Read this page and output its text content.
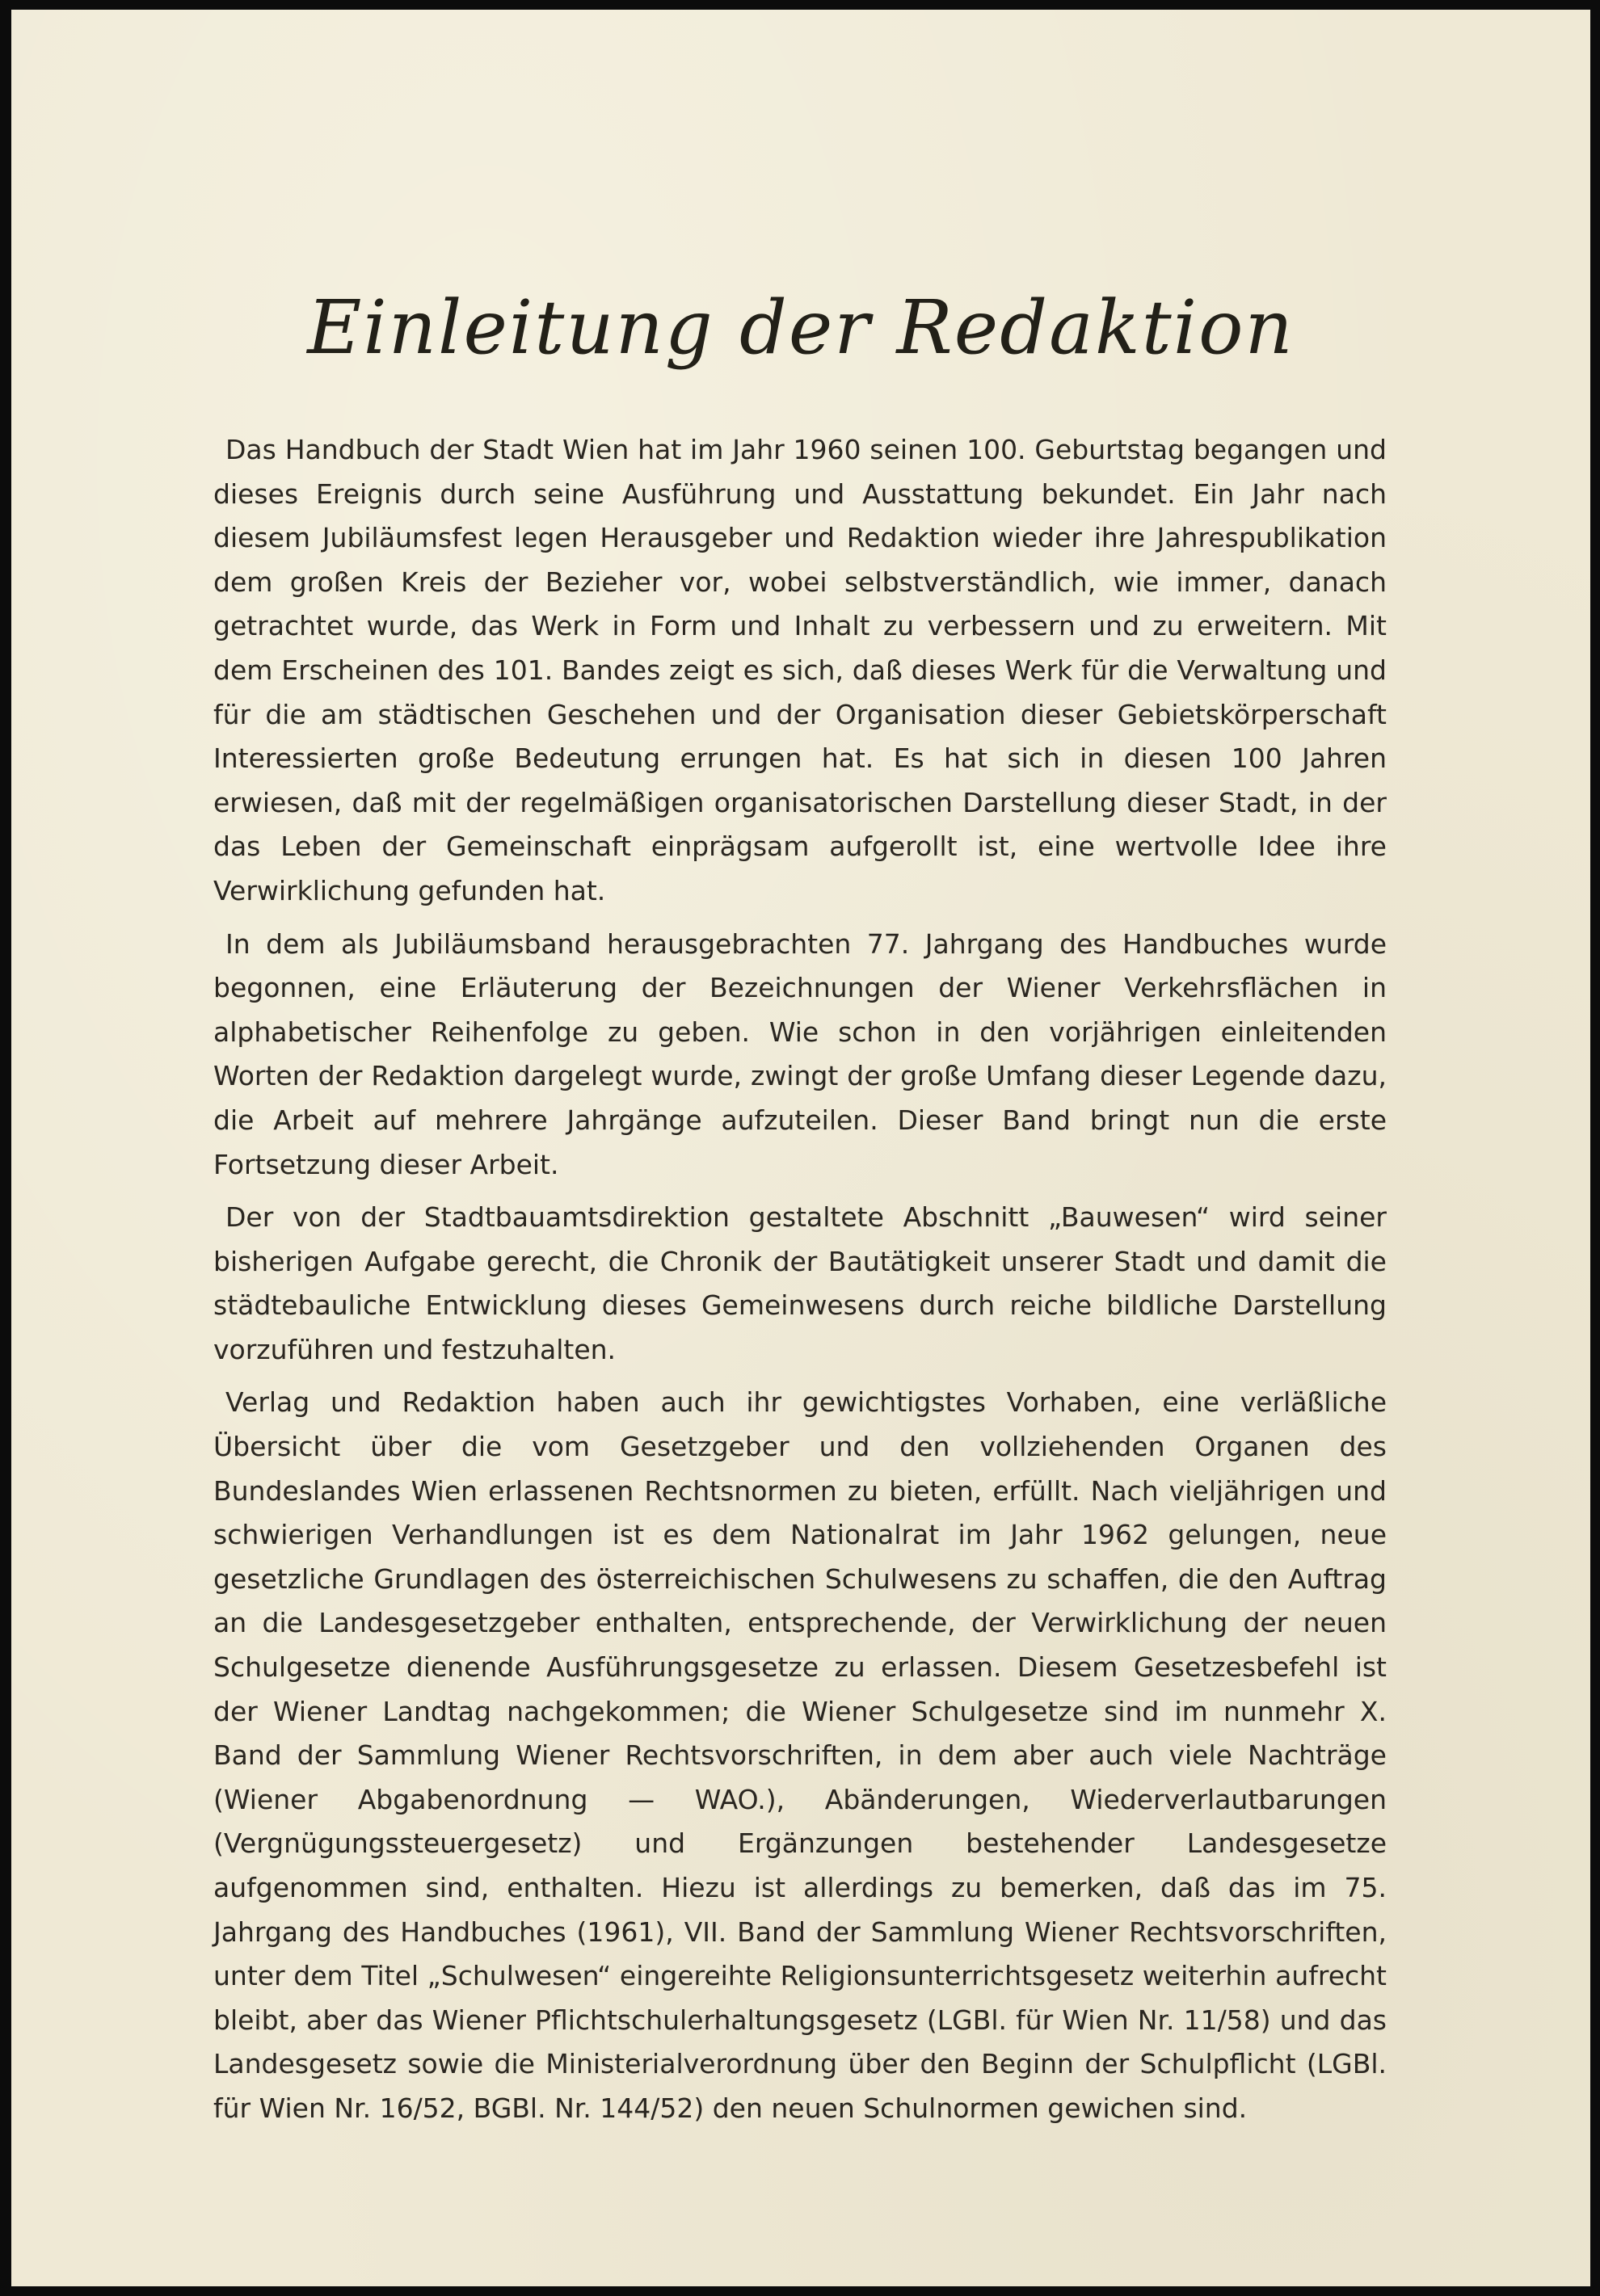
Einleitung der Redaktion

Das Handbuch der Stadt Wien hat im Jahr 1960 seinen 100. Geburtstag begangen und dieses Ereignis durch seine Ausführung und Ausstattung bekundet. Ein Jahr nach diesem Jubiläumsfest legen Herausgeber und Redaktion wieder ihre Jahrespublikation dem großen Kreis der Bezieher vor, wobei selbstverständlich, wie immer, danach getrachtet wurde, das Werk in Form und Inhalt zu verbessern und zu erweitern. Mit dem Erscheinen des 101. Bandes zeigt es sich, daß dieses Werk für die Verwaltung und für die am städtischen Geschehen und der Organisation dieser Gebietskörperschaft Interessierten große Bedeutung errungen hat. Es hat sich in diesen 100 Jahren erwiesen, daß mit der regelmäßigen organisatorischen Darstellung dieser Stadt, in der das Leben der Gemeinschaft einprägsam aufgerollt ist, eine wertvolle Idee ihre Verwirklichung gefunden hat.

In dem als Jubiläumsband herausgebrachten 77. Jahrgang des Handbuches wurde begonnen, eine Erläuterung der Bezeichnungen der Wiener Verkehrsflächen in alphabetischer Reihenfolge zu geben. Wie schon in den vorjährigen einleitenden Worten der Redaktion dargelegt wurde, zwingt der große Umfang dieser Legende dazu, die Arbeit auf mehrere Jahrgänge aufzuteilen. Dieser Band bringt nun die erste Fortsetzung dieser Arbeit.

Der von der Stadtbauamtsdirektion gestaltete Abschnitt „Bauwesen“ wird seiner bisherigen Aufgabe gerecht, die Chronik der Bautätigkeit unserer Stadt und damit die städtebauliche Entwicklung dieses Gemeinwesens durch reiche bildliche Darstellung vorzuführen und festzuhalten.

Verlag und Redaktion haben auch ihr gewichtigstes Vorhaben, eine verläßliche Übersicht über die vom Gesetzgeber und den vollziehenden Organen des Bundeslandes Wien erlassenen Rechtsnormen zu bieten, erfüllt. Nach vieljährigen und schwierigen Verhandlungen ist es dem Nationalrat im Jahr 1962 gelungen, neue gesetzliche Grundlagen des österreichischen Schulwesens zu schaffen, die den Auftrag an die Landesgesetzgeber enthalten, entsprechende, der Verwirklichung der neuen Schulgesetze dienende Ausführungsgesetze zu erlassen. Diesem Gesetzesbefehl ist der Wiener Landtag nachgekommen; die Wiener Schulgesetze sind im nunmehr X. Band der Sammlung Wiener Rechtsvorschriften, in dem aber auch viele Nachträge (Wiener Abgabenordnung — WAO.), Abänderungen, Wiederverlautbarungen (Vergnügungssteuergesetz) und Ergänzungen bestehender Landesgesetze aufgenommen sind, enthalten. Hiezu ist allerdings zu bemerken, daß das im 75. Jahrgang des Handbuches (1961), VII. Band der Sammlung Wiener Rechtsvorschriften, unter dem Titel „Schulwesen“ eingereihte Religionsunterrichtsgesetz weiterhin aufrecht bleibt, aber das Wiener Pflichtschulerhaltungsgesetz (LGBl. für Wien Nr. 11/58) und das Landesgesetz sowie die Ministerialverordnung über den Beginn der Schulpflicht (LGBl. für Wien Nr. 16/52, BGBl. Nr. 144/52) den neuen Schulnormen gewichen sind.
